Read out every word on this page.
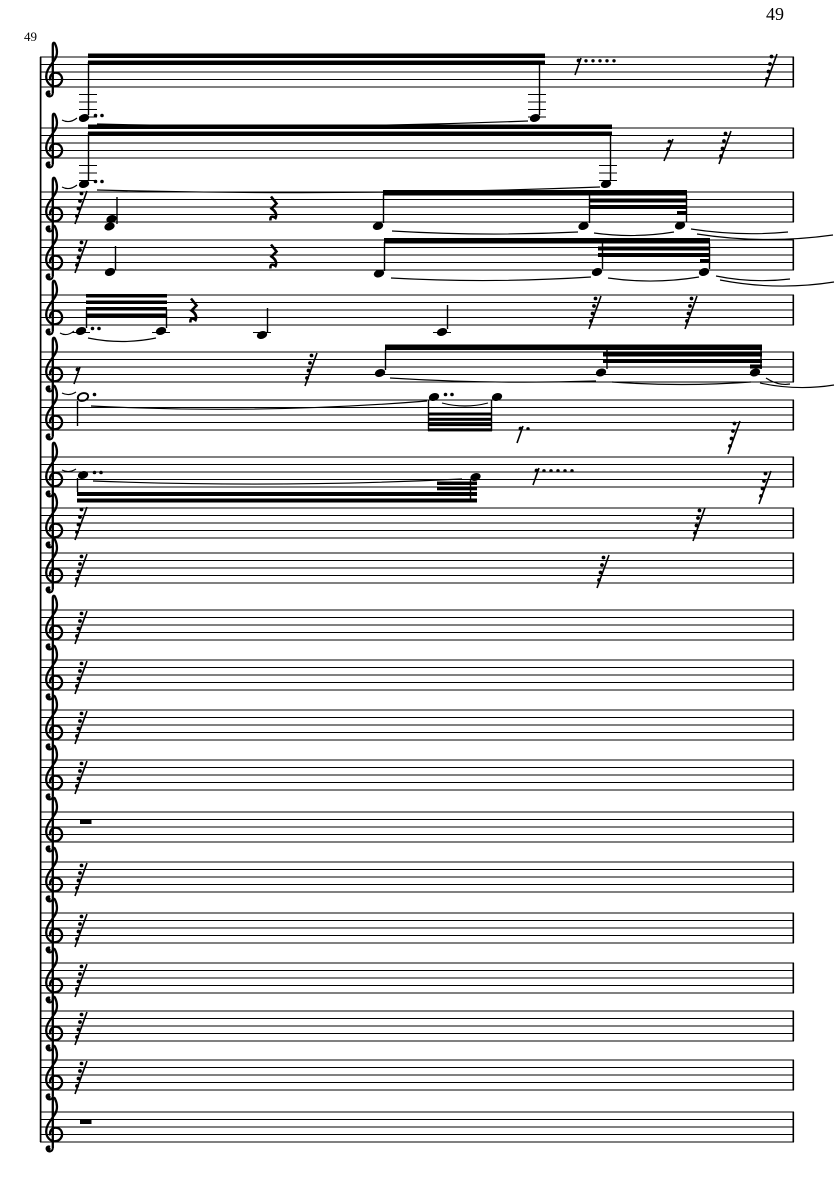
49
49
